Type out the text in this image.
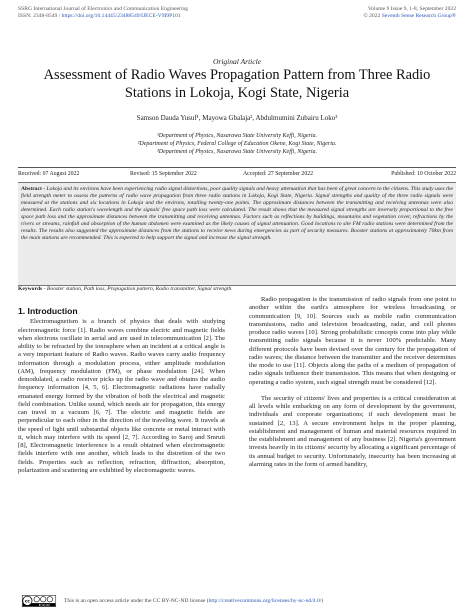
SSRG International Journal of Electronics and Communication Engineering
ISSN: 2348-8549 / https://doi.org/10.14445/23488549/IJECE-V9I9P101
Volume 9 Issue 9, 1-8, September 2022
© 2022 Seventh Sense Research Group®
Original Article
Assessment of Radio Waves Propagation Pattern from Three Radio Stations in Lokoja, Kogi State, Nigeria
Samson Dauda Yusuf¹, Mayowa Gbalaja², Abdulmumini Zubairu Loko³
¹Department of Physics, Nasarawa State University Keffi, Nigeria.
²Department of Physics, Federal College of Education Okene, Kogi State, Nigeria.
³Department of Physics, Nasarawa State University Keffi, Nigeria.
Received: 07 August 2022	Revised: 15 September 2022	Accepted: 27 September 2022	Published: 10 October 2022
Abstract - Lokoja and its environs have been experiencing radio signal distortions, poor quality signals and heavy attenuation that has been of great concern to the citizens. This study uses the field strength meter to assess the patterns of radio wave propagation from three radio stations in Lokoja, Kogi State, Nigeria. Signal strengths and quality of the three radio signals were measured at the stations and six locations in Lokoja and the environs, totalling twenty-one points. The approximate distances between the transmitting and receiving antennas were also determined. Each radio station's wavelength and the signals' free space path loss were calculated. The result shows that the measured signal strengths are inversely proportional to the free space path loss and the approximate distances between the transmitting and receiving antennas. Factors such as reflections by buildings, mountains and vegetation cover, refractions by the rivers or streams, rainfall and absorption of the human abdomen were examined as the likely causes of signal attenuation. Good locations to site FM radio stations were determined from the results. The results also suggested the approximate distances from the stations to receive news during emergencies as part of security measures. Booster stations at approximately 70km from the main stations are recommended. This is expected to help support the signal and increase the signal strength.
Keywords - Booster station, Path loss, Propagation pattern, Radio transmitter, Signal strength.
1. Introduction

Electromagnetism is a branch of physics that deals with studying electromagnetic force [1]. Radio waves combine electric and magnetic fields when electrons oscillate in aerial and are used in telecommunication [2]. The ability to be refracted by the ionosphere when an incident at a critical angle is a very important feature of Radio waves. Radio waves carry audio frequency information through a modulation process, either amplitude modulation (AM), frequency modulation (FM), or phase modulation [24]. When demodulated, a radio receiver picks up the radio wave and obtains the audio frequency information [4, 5, 6]. Electromagnetic radiations have radially emanated energy formed by the vibration of both the electrical and magnetic field combination. Unlike sound, which needs air for propagation, this energy can travel in a vacuum [6, 7]. The electric and magnetic fields are perpendicular to each other in the direction of the traveling wave. It travels at the speed of light until substantial objects like concrete or metal interact with it, which may interfere with its speed [2, 7]. According to Saroj and Smruti [8], Electromagnetic interference is a result obtained when electromagnetic fields interfere with one another, which leads to the distortion of the two fields. Properties such as reflection, refraction, diffraction, absorption, polarization and scattering are exhibited by electromagnetic waves.

Radio propagation is the transmission of radio signals from one point to another within the earth's atmosphere for wireless broadcasting or communication [9, 10]. Sources such as mobile radio communication transmissions, radio and television broadcasting, radar, and cell phones produce radio waves [10]. Strong probabilistic concepts come into play while transmitting radio signals because it is never 100% predictable. Many different protocols have been devised over the century for the propagation of radio waves; the distance between the transmitter and the receiver determines the mode to use [11]. Objects along the paths of a medium of propagation of radio signals influence their transmission. This means that when designing or operating a radio system, such signal strength must be considered [12].

The security of citizens' lives and properties is a critical consideration at all levels while embarking on any form of development by the government, individuals and corporate organizations; if such development must be sustained [2, 13]. A secure environment helps in the proper planning, establishment and management of human and material resources required in the establishment and management of any business [2]. Nigeria's government invests heavily in its citizens' security by allocating a significant percentage of its annual budget to security. Unfortunately, insecurity has been increasing at alarming rates in the form of armed banditry,

cc
BY NC ND
This is an open access article under the CC BY-NC-ND license (http://creativecommons.org/licenses/by-nc-nd/4.0/)
